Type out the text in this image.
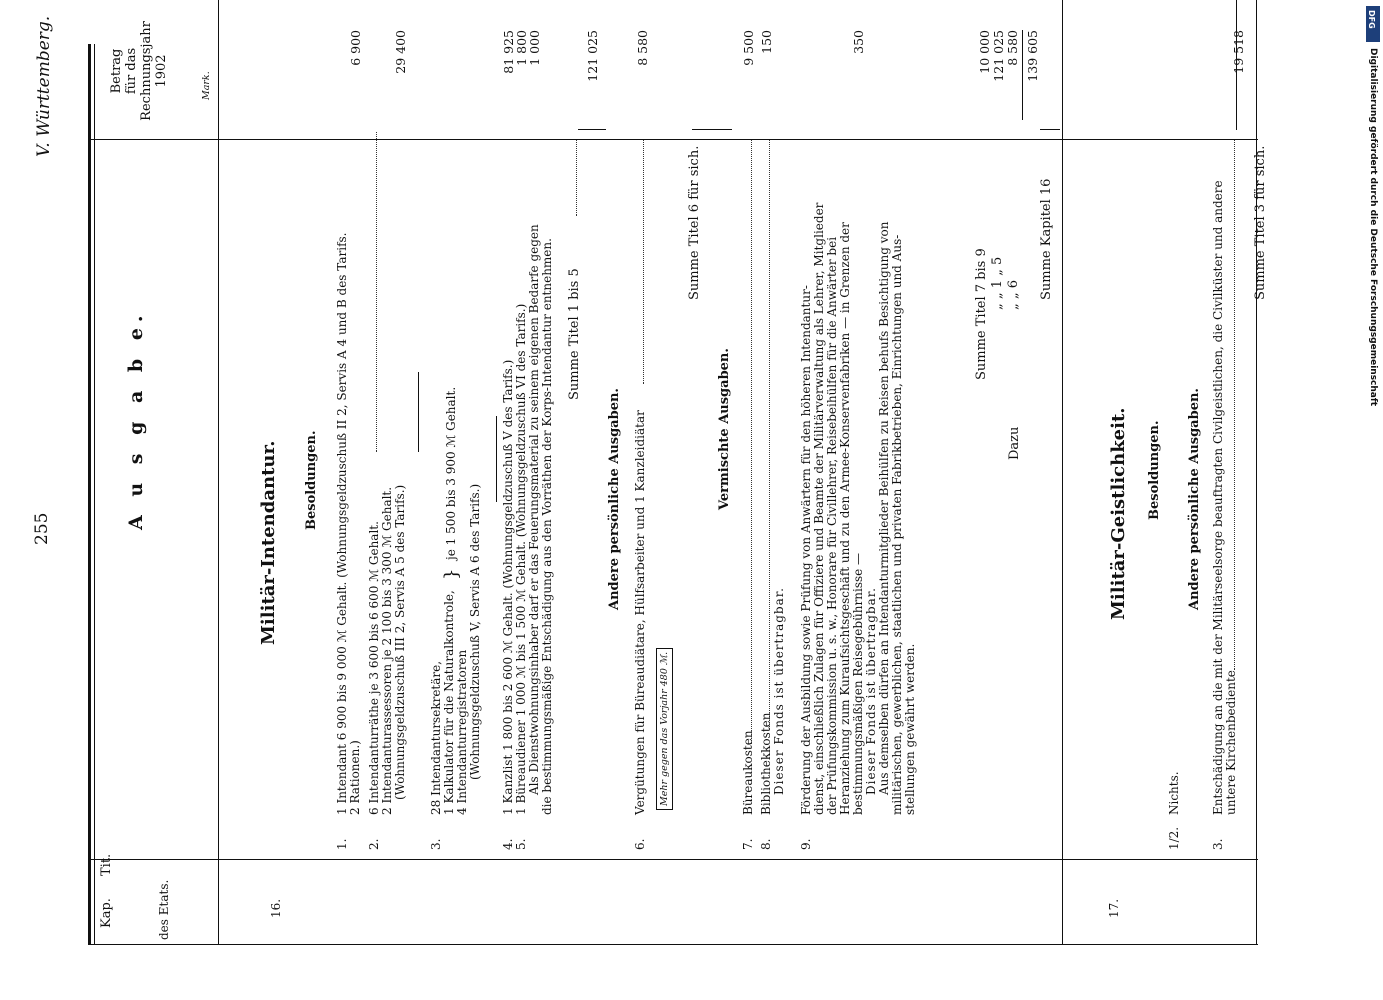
255
V. Württemberg.
Kap.
Tit.
des Etats.
A u s g a b e.
Betrag für das Rechnungsjahr 1902	Mark.
16.
Militär-Intendantur. Besoldungen.
1.
1 Intendant 6 900 bis 9 000 ℳ Gehalt. (Wohnungsgeldzuschuß II 2, Servis A 4 und B des Tarifs. 2 Rationen.)
6 900
2.
6 Intendanturräthe je 3 600 bis 6 600 ℳ Gehalt. 2 Intendanturassessoren je 2 100 bis 3 300 ℳ Gehalt. (Wohnungsgeldzuschuß III 2, Servis A 5 des Tarifs.)
29 400
3.
28 Intendantursekretäre, 1 Kalkulator für die Naturalkontrole, 4 Intendanturregistratoren (Wohnungsgeldzuschuß V, Servis A 6 des Tarifs.)
}
je 1 500 bis 3 900 ℳ Gehalt.
4. 5.
1 Kanzlist 1 800 bis 2 600 ℳ Gehalt. (Wohnungsgeldzuschuß V des Tarifs.) 1 Büreaudiener 1 000 ℳ bis 1 500 ℳ Gehalt. (Wohnungsgeldzuschuß VI des Tarifs.) Als Dienstwohnungsinhaber darf er das Feuerungsmaterial zu seinem eigenen Bedarfe gegen die bestimmungsmäßige Entschädigung aus den Vorräthen der Korps-Intendantur entnehmen.
81 925
1 800
1 000
Summe Titel 1 bis 5
121 025
Andere persönliche Ausgaben.
6.
Vergütungen für Büreaudiätare, Hülfsarbeiter und 1 Kanzleidiätar
8 580
Mehr gegen das Vorjahr 480 ℳ.
Summe Titel 6 für sich.
Vermischte Ausgaben.
7.
Büreaukosten
9 500
8.
Bibliothekkosten
150
Dieser Fonds ist übertragbar.
9.
Förderung der Ausbildung sowie Prüfung von Anwärtern für den höheren Intendantur- dienst, einschließlich Zulagen für Offiziere und Beamte der Militärverwaltung als Lehrer, Mitglieder der Prüfungskommission u. s. w., Honorare für Civillehrer, Reisebeihülfen für die Anwärter bei Heranziehung zum Kuraufsichtsgeschäft und zu den Armee-Konservenfabriken — in Grenzen der bestimmungsmäßigen Reisegebührnisse — Dieser Fonds ist übertragbar. Aus demselben dürfen an Intendanturmitglieder Beihülfen zu Reisen behufs Besichtigung von militärischen, gewerblichen, staatlichen und privaten Fabrikbetrieben, Einrichtungen und Aus- stellungen gewährt werden.
350
Summe Titel 7 bis 9
Dazu
„ „ 1 „ 5 „ „ 6
10 000 121 025 8 580
Summe Kapitel 16
139 605
17.
Militär-Geistlichkeit. Besoldungen.
1/2.
Nichts.
Andere persönliche Ausgaben.
3.
Entschädigung an die mit der Militärseelsorge beauftragten Civilgeistlichen, die Civilküster und andere untere Kirchenbediente
19 518
Summe Titel 3 für sich.
DFG
Digitalisierung gefördert durch die Deutsche Forschungsgemeinschaft
